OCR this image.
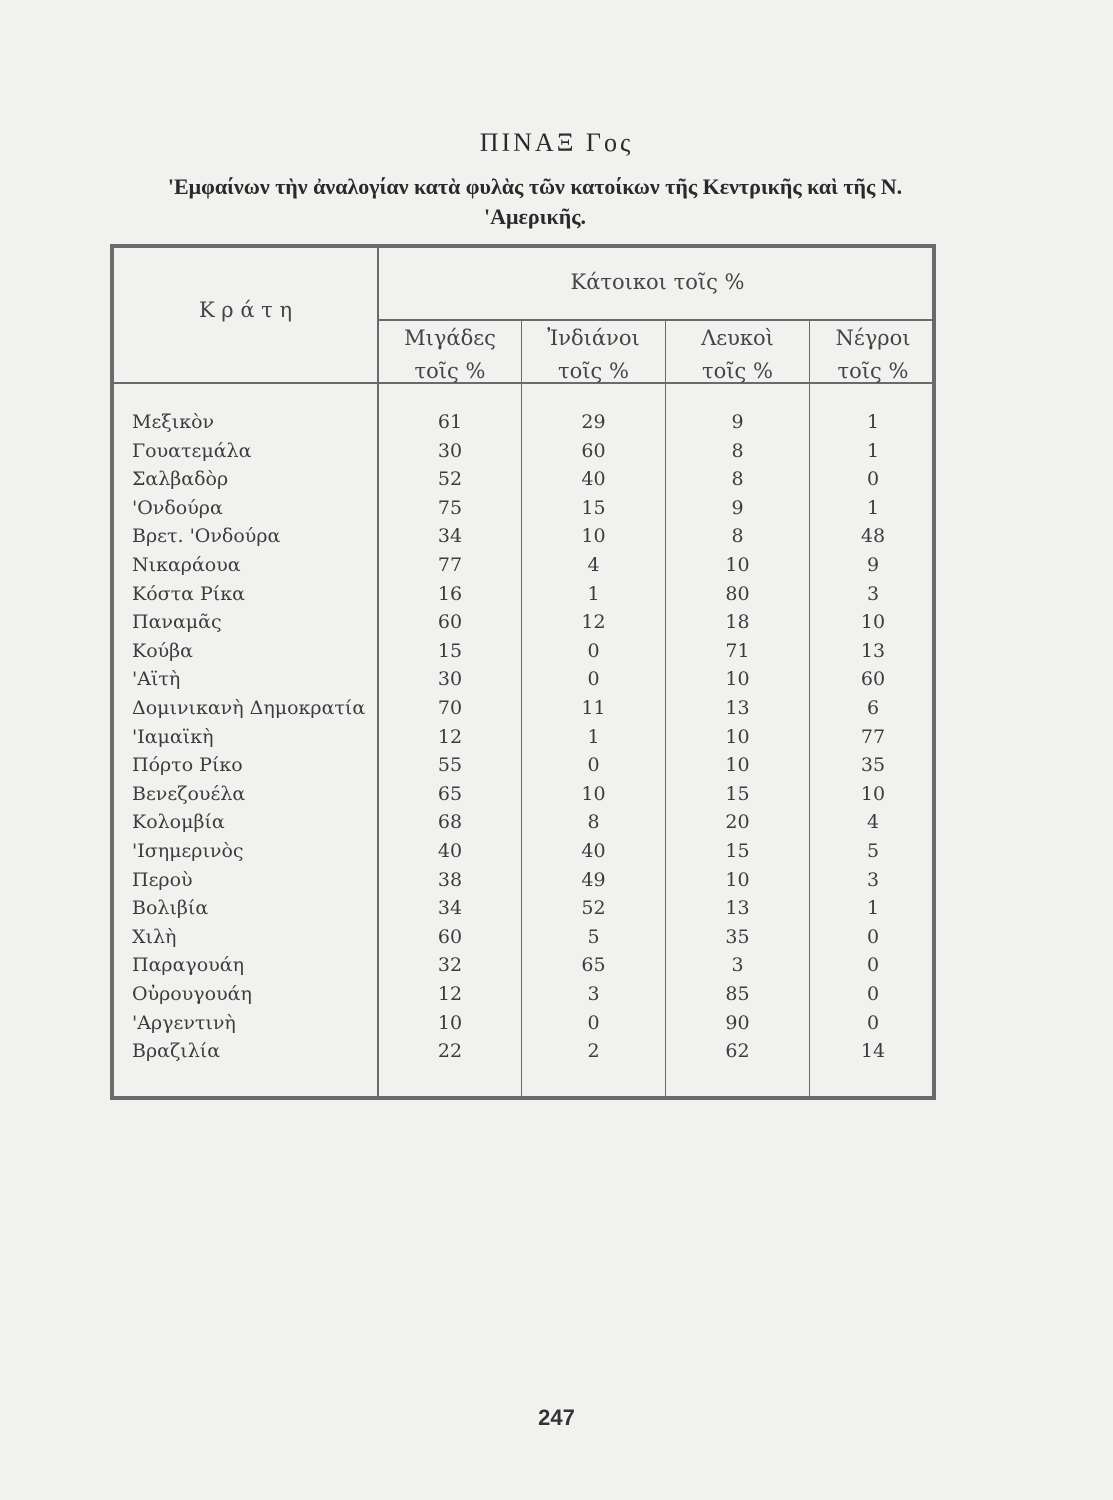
ΠΙΝΑΞ Γος
'Εμφαίνων τὴν ἀναλογίαν κατὰ φυλὰς τῶν κατοίκων τῆς Κεντρικῆς καὶ τῆς Ν.
'Αμερικῆς.
Κ ρ ά τ η
Κάτοικοι τοῖς %
Μιγάδες
τοῖς %
Ἰνδιάνοι
τοῖς %
Λευκοὶ
τοῖς %
Νέγροι
τοῖς %
Μεξικὸν	61	29	9	1
Γουατεμάλα	30	60	8	1
Σαλβαδὸρ	52	40	8	0
'Ονδούρα	75	15	9	1
Βρετ. 'Ονδούρα	34	10	8	48
Νικαράουα	77	4	10	9
Κόστα Ρίκα	16	1	80	3
Παναμᾶς	60	12	18	10
Κούβα	15	0	71	13
'Αϊτὴ	30	0	10	60
Δομινικανὴ Δημοκρατία	70	11	13	6
'Ιαμαϊκὴ	12	1	10	77
Πόρτο Ρίκο	55	0	10	35
Βενεζουέλα	65	10	15	10
Κολομβία	68	8	20	4
'Ισημερινὸς	40	40	15	5
Περοὺ	38	49	10	3
Βολιβία	34	52	13	1
Χιλὴ	60	5	35	0
Παραγουάη	32	65	3	0
Οὐρουγουάη	12	3	85	0
'Αργεντινὴ	10	0	90	0
Βραζιλία	22	2	62	14
247
